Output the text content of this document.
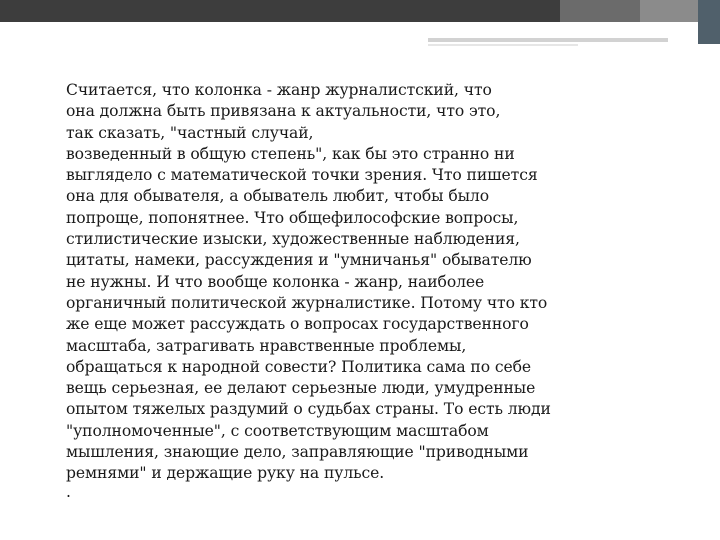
Считается, что колонка - жанр журналистский, что
она должна быть привязана к актуальности, что это,
так сказать, "частный случай,
возведенный в общую степень", как бы это странно ни
выглядело с математической точки зрения. Что пишется
она для обывателя, а обыватель любит, чтобы было
попроще, попонятнее. Что общефилософские вопросы,
стилистические изыски, художественные наблюдения,
цитаты, намеки, рассуждения и "умничанья" обывателю
не нужны. И что вообще колонка - жанр, наиболее
органичный политической журналистике. Потому что кто
же еще может рассуждать о вопросах государственного
масштаба, затрагивать нравственные проблемы,
обращаться к народной совести? Политика сама по себе
вещь серьезная, ее делают серьезные люди, умудренные
опытом тяжелых раздумий о судьбах страны. То есть люди
"уполномоченные", с соответствующим масштабом
мышления, знающие дело, заправляющие "приводными
ремнями" и держащие руку на пульсе.

.
